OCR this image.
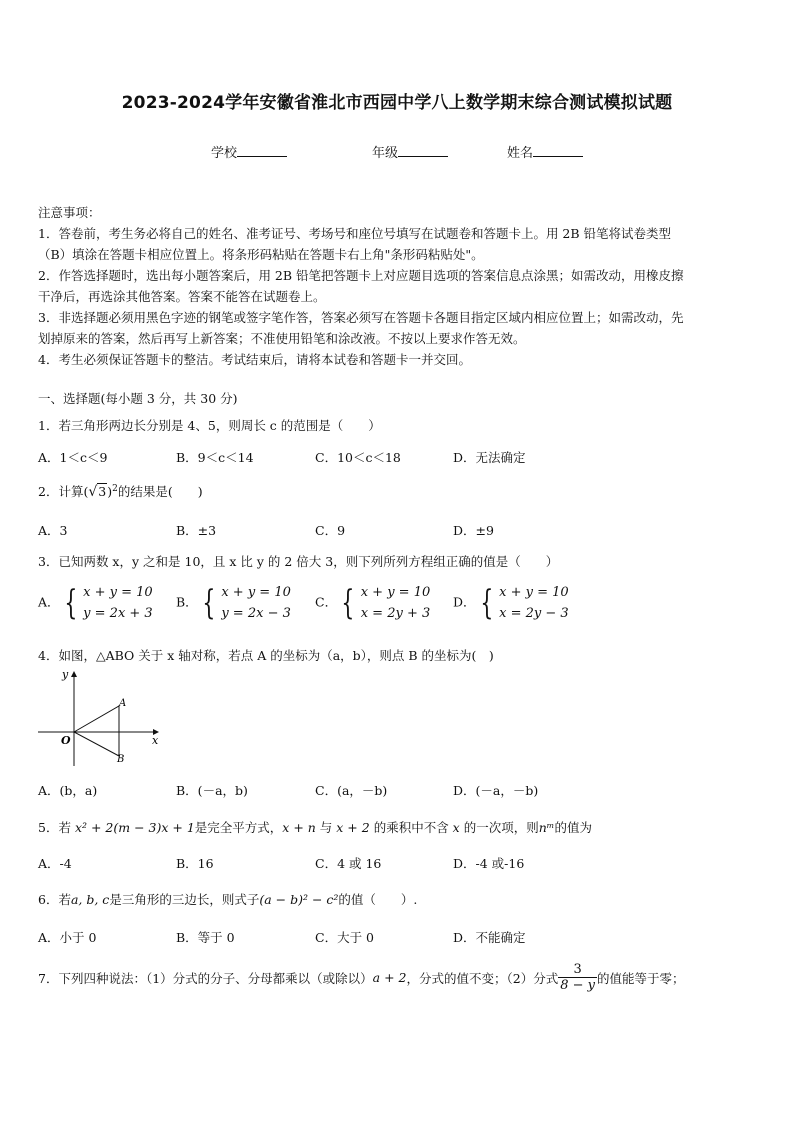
2023-2024学年安徽省淮北市西园中学八上数学期末综合测试模拟试题
学校	年级	姓名
注意事项：
1．答卷前，考生务必将自己的姓名、准考证号、考场号和座位号填写在试题卷和答题卡上。用 2B 铅笔将试卷类型
（B）填涂在答题卡相应位置上。将条形码粘贴在答题卡右上角"条形码粘贴处"。
2．作答选择题时，选出每小题答案后，用 2B 铅笔把答题卡上对应题目选项的答案信息点涂黑；如需改动，用橡皮擦
干净后，再选涂其他答案。答案不能答在试题卷上。
3．非选择题必须用黑色字迹的钢笔或签字笔作答，答案必须写在答题卡各题目指定区域内相应位置上；如需改动，先
划掉原来的答案，然后再写上新答案；不准使用铅笔和涂改液。不按以上要求作答无效。
4．考生必须保证答题卡的整洁。考试结束后，请将本试卷和答题卡一并交回。
一、选择题(每小题 3 分，共 30 分)
1．若三角形两边长分别是 4、5，则周长 c 的范围是（　　）
A．1＜c＜9	B．9＜c＜14	C．10＜c＜18	D．无法确定
2．计算$(√3)^2$的结果是(　　)
A．3	B．±3	C．9	D．±9
3．已知两数 x，y 之和是 10，且 x 比 y 的 2 倍大 3，则下列所列方程组正确的值是（　　）
A． { x + y = 10
y = 2x + 3
B． { x + y = 10
y = 2x − 3
C． { x + y = 10
x = 2y + 3
D． { x + y = 10
x = 2y − 3
4．如图，△ABO 关于 x 轴对称，若点 A 的坐标为（a，b），则点 B 的坐标为(　)
y
x
O
A
B
A．(b，a)	B．(－a，b)	C．(a，－b)	D．(－a，－b)
5．若 x² + 2(m − 3)x + 1是完全平方式，x + n 与 x + 2 的乘积中不含 x 的一次项，则nᵐ的值为
A．-4	B．16	C．4 或 16	D．-4 或-16
6．若a, b, c是三角形的三边长，则式子(a − b)² − c²的值（　　）.
A．小于 0	B．等于 0	C．大于 0	D．不能确定
7．下列四种说法：（1）分式的分子、分母都乘以（或除以） a + 2 ，分式的值不变；（2）分式 $\frac{3}{8 - y}$ 的值能等于零；
